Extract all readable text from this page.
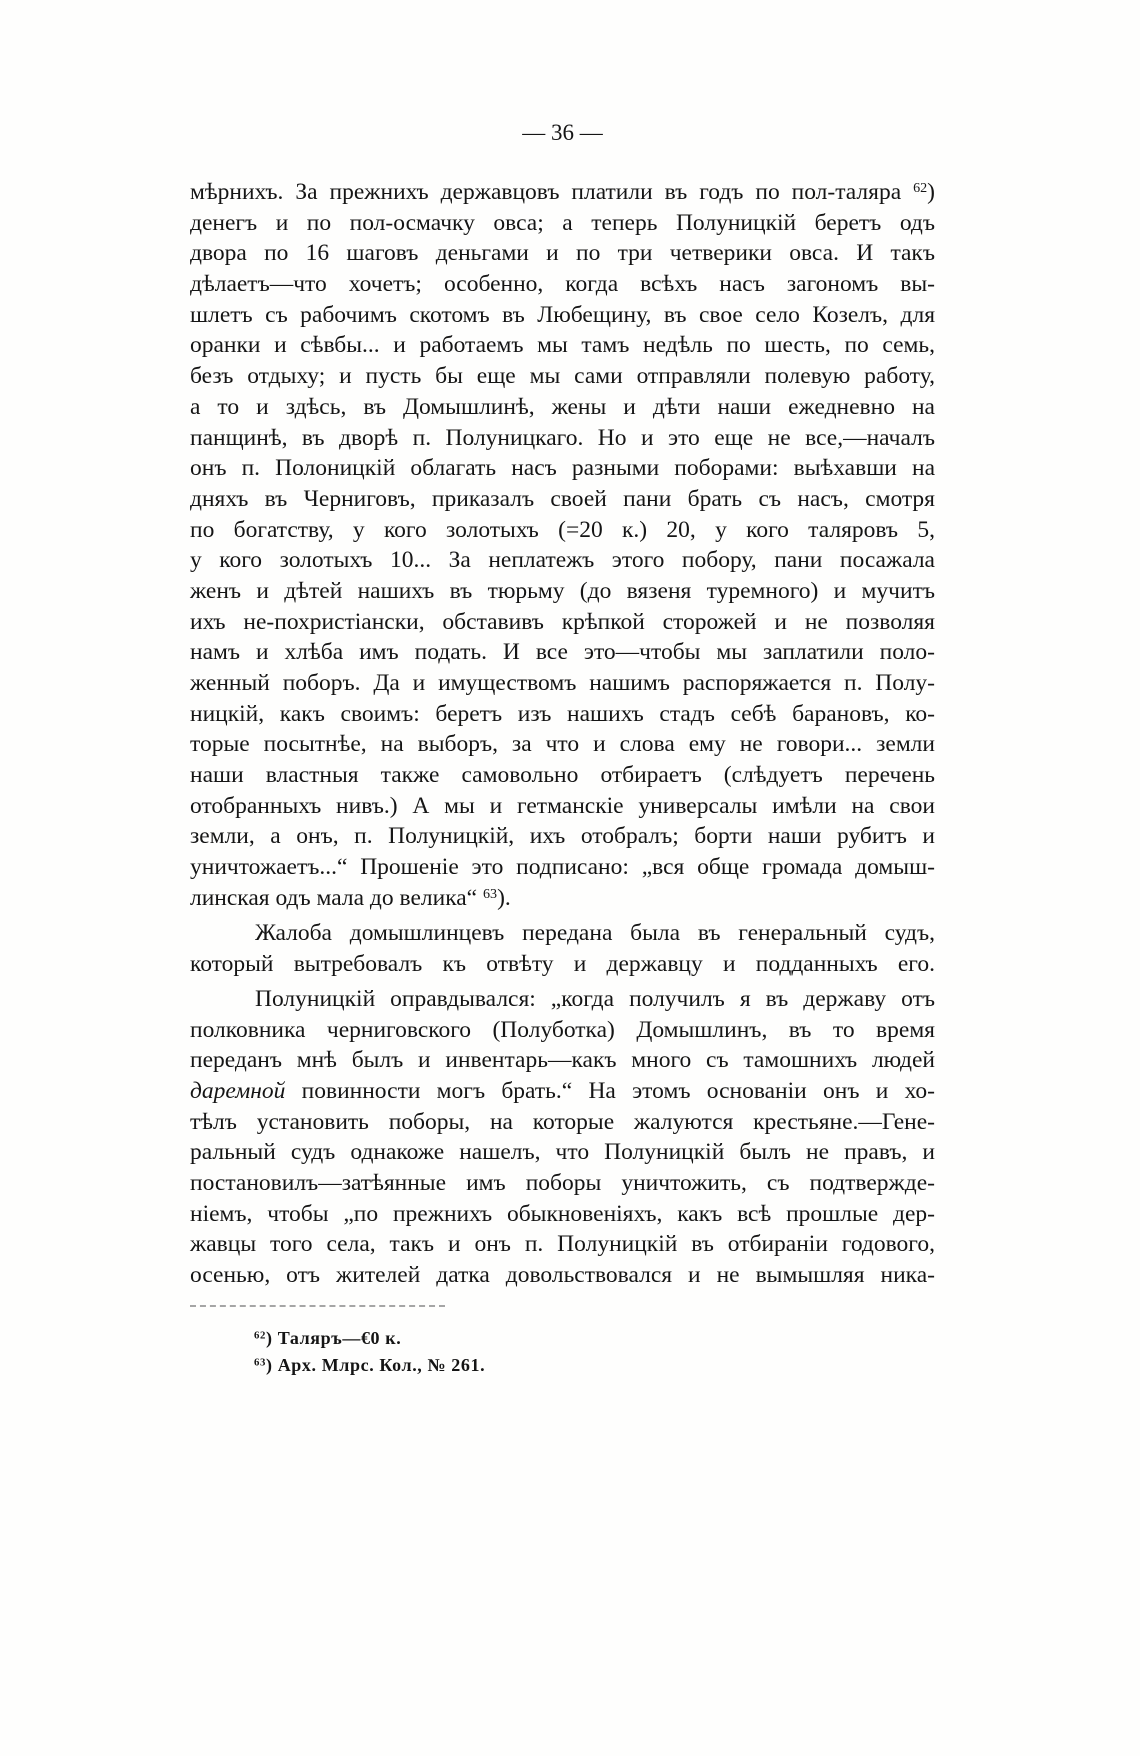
— 36 —
мѣрнихъ. За прежнихъ державцовъ платили въ годъ по пол-таляра $^{62}$)
денегъ и по пол-осмачку овса; а теперь Полуницкій беретъ одъ
двора по 16 шаговъ деньгами и по три четверики овса. И такъ
дѣлаетъ—что хочетъ; особенно, когда всѣхъ насъ загономъ вы-
шлетъ съ рабочимъ скотомъ въ Любещину, въ свое село Козелъ, для
оранки и сѣвбы... и работаемъ мы тамъ недѣль по шесть, по семь,
безъ отдыху; и пусть бы еще мы сами отправляли полевую работу,
а то и здѣсь, въ Домышлинѣ, жены и дѣти наши ежедневно на
панщинѣ, въ дворѣ п. Полуницкаго. Но и это еще не все,—началъ
онъ п. Полоницкій облагать насъ разными поборами: выѣхавши на
дняхъ въ Черниговъ, приказалъ своей пани брать съ насъ, смотря
по богатству, у кого золотыхъ (=20 к.) 20, у кого таляровъ 5,
у кого золотыхъ 10... За неплатежъ этого побору, пани посажала
женъ и дѣтей нашихъ въ тюрьму (до вязеня туремного) и мучитъ
ихъ не-похристіански, обставивъ крѣпкой сторожей и не позволяя
намъ и хлѣба имъ подать. И все это—чтобы мы заплатили поло-
женный поборъ. Да и имуществомъ нашимъ распоряжается п. Полу-
ницкій, какъ своимъ: беретъ изъ нашихъ стадъ себѣ барановъ, ко-
торые посытнѣе, на выборъ, за что и слова ему не говори... земли
наши властныя также самовольно отбираетъ (слѣдуетъ перечень
отобранныхъ нивъ.) А мы и гетманскіе универсалы имѣли на свои
земли, а онъ, п. Полуницкій, ихъ отобралъ; борти наши рубитъ и
уничтожаетъ...“ Прошеніе это подписано: „вся обще громада домыш-
линская одъ мала до велика“ $^{63}$).
Жалоба домышлинцевъ передана была въ генеральный судъ,
который вытребовалъ къ отвѣту и державцу и подданныхъ его.
Полуницкій оправдывался: „когда получилъ я въ державу отъ
полковника черниговского (Полуботка) Домышлинъ, въ то время
переданъ мнѣ былъ и инвентарь—какъ много съ тамошнихъ людей
даремной повинности могъ брать.“ На этомъ основаніи онъ и хо-
тѣлъ установить поборы, на которые жалуются крестьяне.—Гене-
ральный судъ однакоже нашелъ, что Полуницкій былъ не правъ, и
постановилъ—затѣянные имъ поборы уничтожить, съ подтвержде-
ніемъ, чтобы „по прежнихъ обыкновеніяхъ, какъ всѣ прошлые дер-
жавцы того села, такъ и онъ п. Полуницкій въ отбираніи годового,
осенью, отъ жителей датка довольствовался и не вымышляя ника-
$^{62}$) Таляръ—€0 к.
$^{63}$) Арх. Млрс. Кол., № 261.
